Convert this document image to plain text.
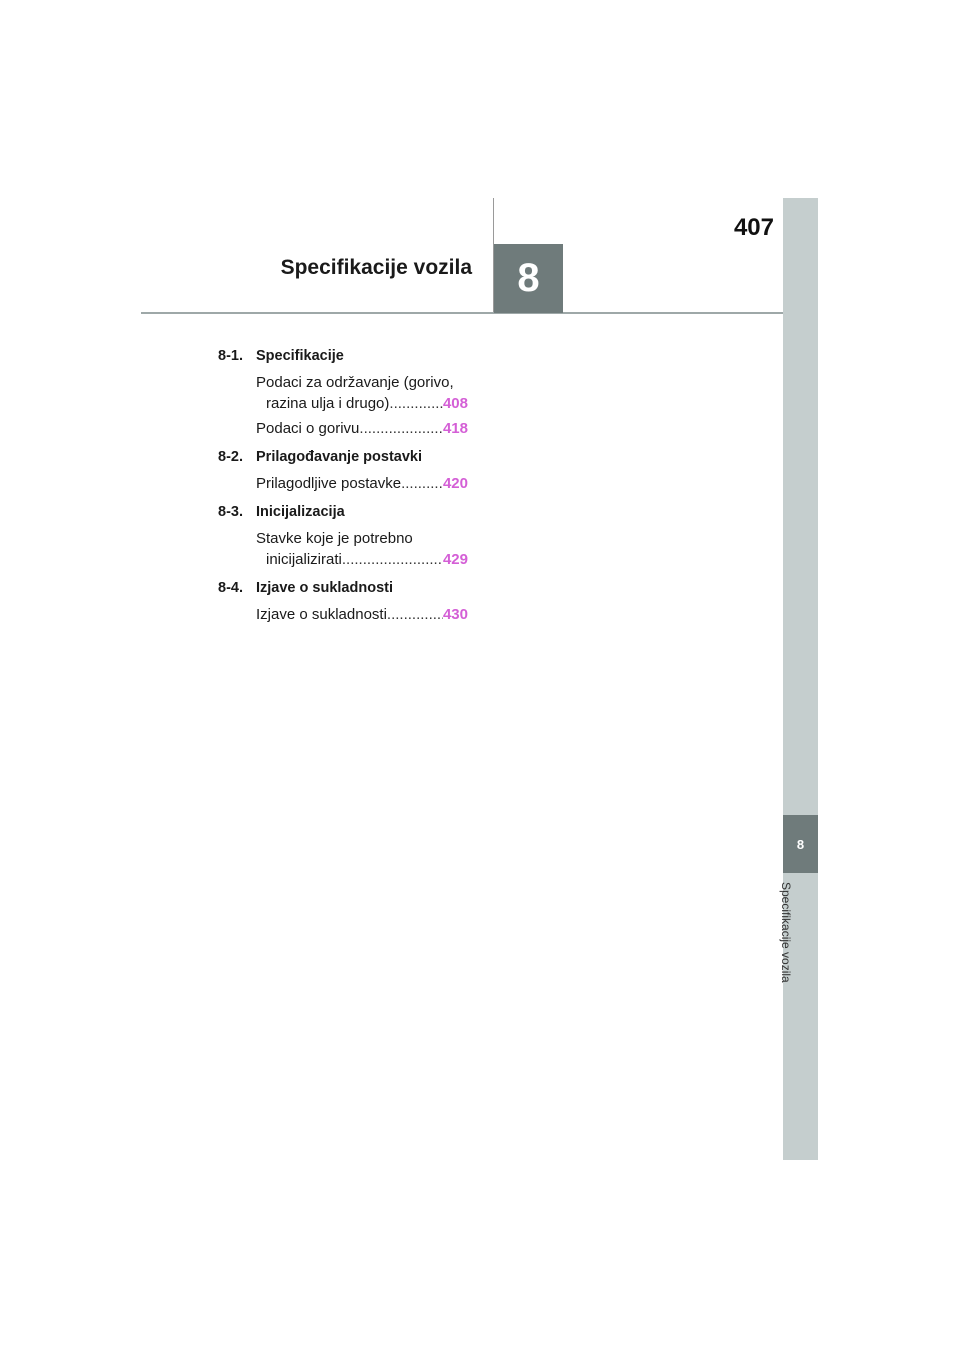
407
Specifikacije vozila	8
8
Specifikacije vozila
8-1. Specifikacije
Podaci za održavanje (gorivo,
razina ulja i drugo) .....	408
Podaci o gorivu .....	418
8-2. Prilagođavanje postavki
Prilagodljive postavke .....	420
8-3. Inicijalizacija
Stavke koje je potrebno
inicijalizirati .....	429
8-4. Izjave o sukladnosti
Izjave o sukladnosti .....	430
